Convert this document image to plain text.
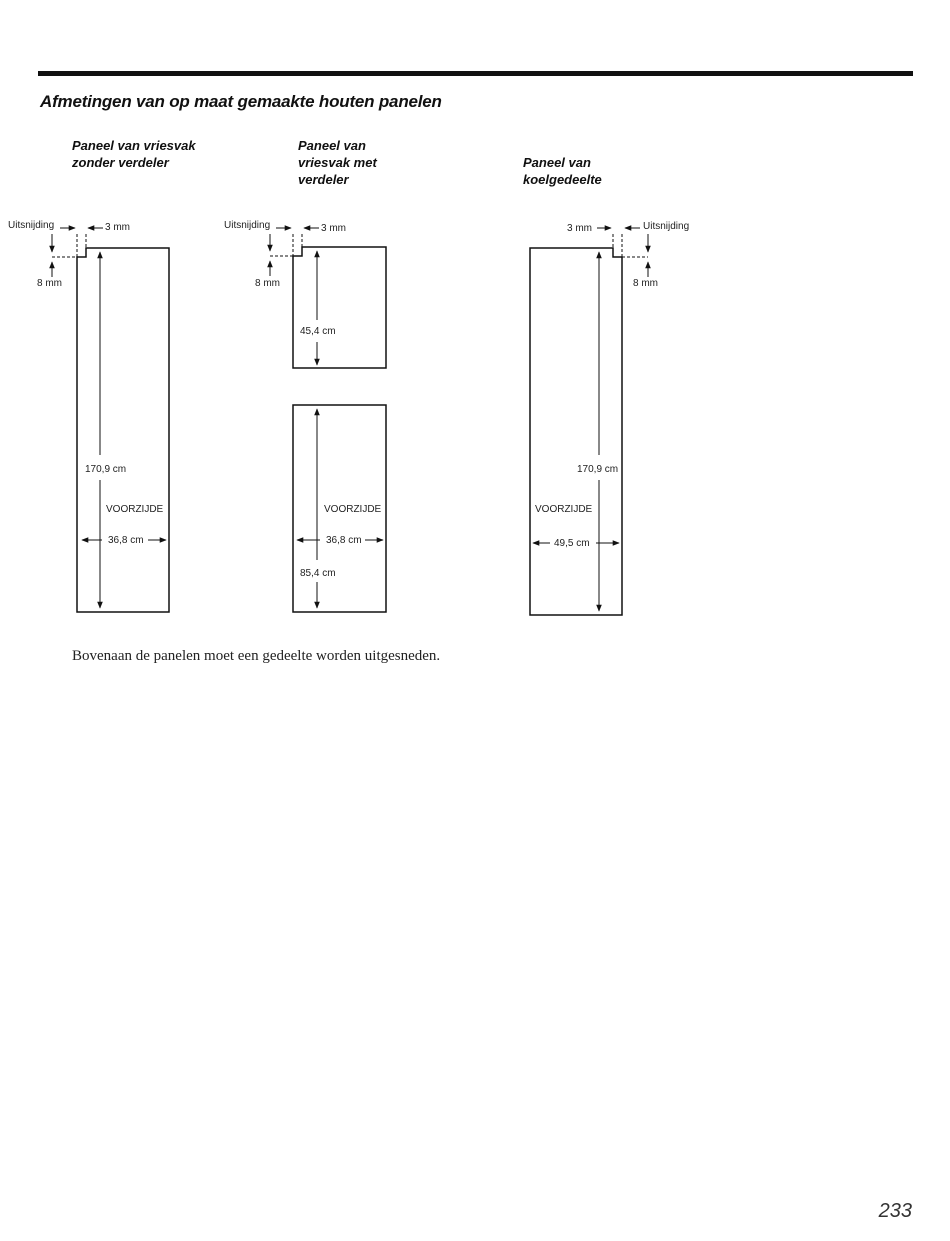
Afmetingen van op maat gemaakte houten panelen

Paneel van vriesvak
zonder verdeler

Paneel van
vriesvak met
verdeler

Paneel van
koelgedeelte

Uitsnijding	3 mm
8 mm
170,9 cm
VOORZIJDE
36,8 cm
Uitsnijding	3 mm
8 mm
45,4 cm
VOORZIJDE
36,8 cm
85,4 cm
Uitsnijding
3 mm
8 mm
170,9 cm
VOORZIJDE
49,5 cm

Bovenaan de panelen moet een gedeelte worden uitgesneden.

233
